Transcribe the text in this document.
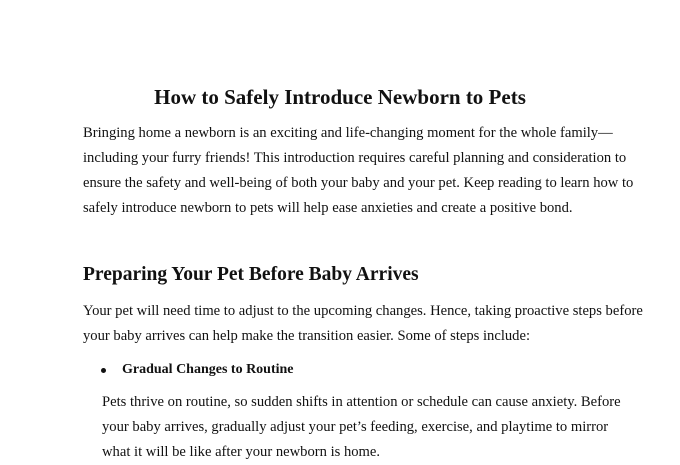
How to Safely Introduce Newborn to Pets

Bringing home a newborn is an exciting and life-changing moment for the whole family—
including your furry friends! This introduction requires careful planning and consideration to
ensure the safety and well-being of both your baby and your pet. Keep reading to learn how to
safely introduce newborn to pets will help ease anxieties and create a positive bond.

Preparing Your Pet Before Baby Arrives

Your pet will need time to adjust to the upcoming changes. Hence, taking proactive steps before
your baby arrives can help make the transition easier. Some of steps include:

Gradual Changes to Routine

Pets thrive on routine, so sudden shifts in attention or schedule can cause anxiety. Before
your baby arrives, gradually adjust your pet’s feeding, exercise, and playtime to mirror
what it will be like after your newborn is home.
